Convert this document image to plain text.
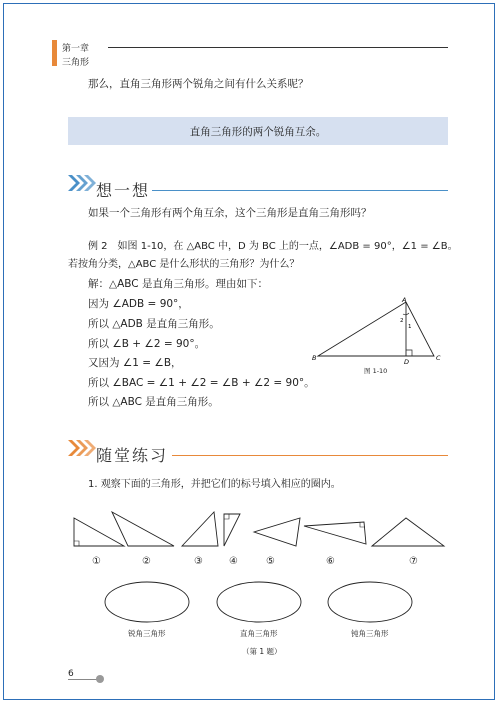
第一章
三角形
那么，直角三角形两个锐角之间有什么关系呢？
直角三角形的两个锐角互余。
想一想
如果一个三角形有两个角互余，这个三角形是直角三角形吗？
例 2　如图 1-10，在 △ABC 中，D 为 BC 上的一点，∠ADB = 90°，∠1 = ∠B。
若按角分类，△ABC 是什么形状的三角形？为什么？
解：△ABC 是直角三角形。理由如下：
因为 ∠ADB = 90°，
所以 △ADB 是直角三角形。
所以 ∠B + ∠2 = 90°。
又因为 ∠1 = ∠B，
所以 ∠BAC = ∠1 + ∠2 = ∠B + ∠2 = 90°。
所以 △ABC 是直角三角形。
A
B	C
D
1
2
图 1-10
随堂练习
1. 观察下面的三角形，并把它们的标号填入相应的圈内。
①	②	③	④	⑤	⑥	⑦
锐角三角形	直角三角形	钝角三角形
（第 1 题）
6
